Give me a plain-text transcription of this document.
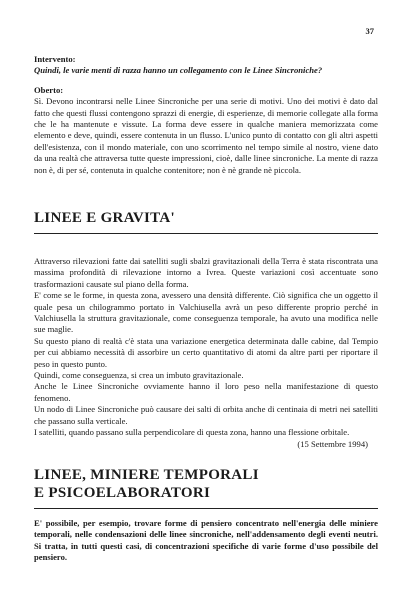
37

Intervento:

Quindi, le varie menti di razza hanno un collegamento con le Linee Sincroniche?

Oberto:

Sì. Devono incontrarsi nelle Linee Sincroniche per una serie di motivi. Uno dei motivi è dato dal fatto che questi flussi contengono sprazzi di energie, di esperienze, di memorie collegate alla forma che le ha mantenute e vissute. La forma deve essere in qualche maniera memorizzata come elemento e deve, quindi, essere contenuta in un flusso. L'unico punto di contatto con gli altri aspetti dell'esistenza, con il mondo materiale, con uno scorrimento nel tempo simile al nostro, viene dato da una realtà che attraversa tutte queste impressioni, cioè, dalle linee sincroniche. La mente di razza non è, di per sé, contenuta in qualche contenitore; non è nè grande nè piccola.

LINEE E GRAVITA'

Attraverso rilevazioni fatte dai satelliti sugli sbalzi gravitazionali della Terra è stata riscontrata una massima profondità di rilevazione intorno a Ivrea. Queste variazioni così accentuate sono trasformazioni causate sul piano della forma.

E' come se le forme, in questa zona, avessero una densità differente. Ciò significa che un oggetto il quale pesa un chilogrammo portato in Valchiusella avrà un peso differente proprio perché in Valchiusella la struttura gravitazionale, come conseguenza temporale, ha avuto una modifica nelle sue maglie.

Su questo piano di realtà c'è stata una variazione energetica determinata dalle cabine, dal Tempio per cui abbiamo necessità di assorbire un certo quantitativo di atomi da altre parti per riportare il peso in questo punto.

Quindi, come conseguenza, si crea un imbuto gravitazionale.

Anche le Linee Sincroniche ovviamente hanno il loro peso nella manifestazione di questo fenomeno.

Un nodo di Linee Sincroniche può causare dei salti di orbita anche di centinaia di metri nei satelliti che passano sulla verticale.

I satelliti, quando passano sulla perpendicolare di questa zona, hanno una flessione orbitale.

(15 Settembre 1994)

LINEE, MINIERE TEMPORALI
E PSICOELABORATORI

E' possibile, per esempio, trovare forme di pensiero concentrato nell'energia delle miniere temporali, nelle condensazioni delle linee sincroniche, nell'addensamento degli eventi neutri. Si tratta, in tutti questi casi, di concentrazioni specifiche di varie forme d'uso possibile del pensiero.
